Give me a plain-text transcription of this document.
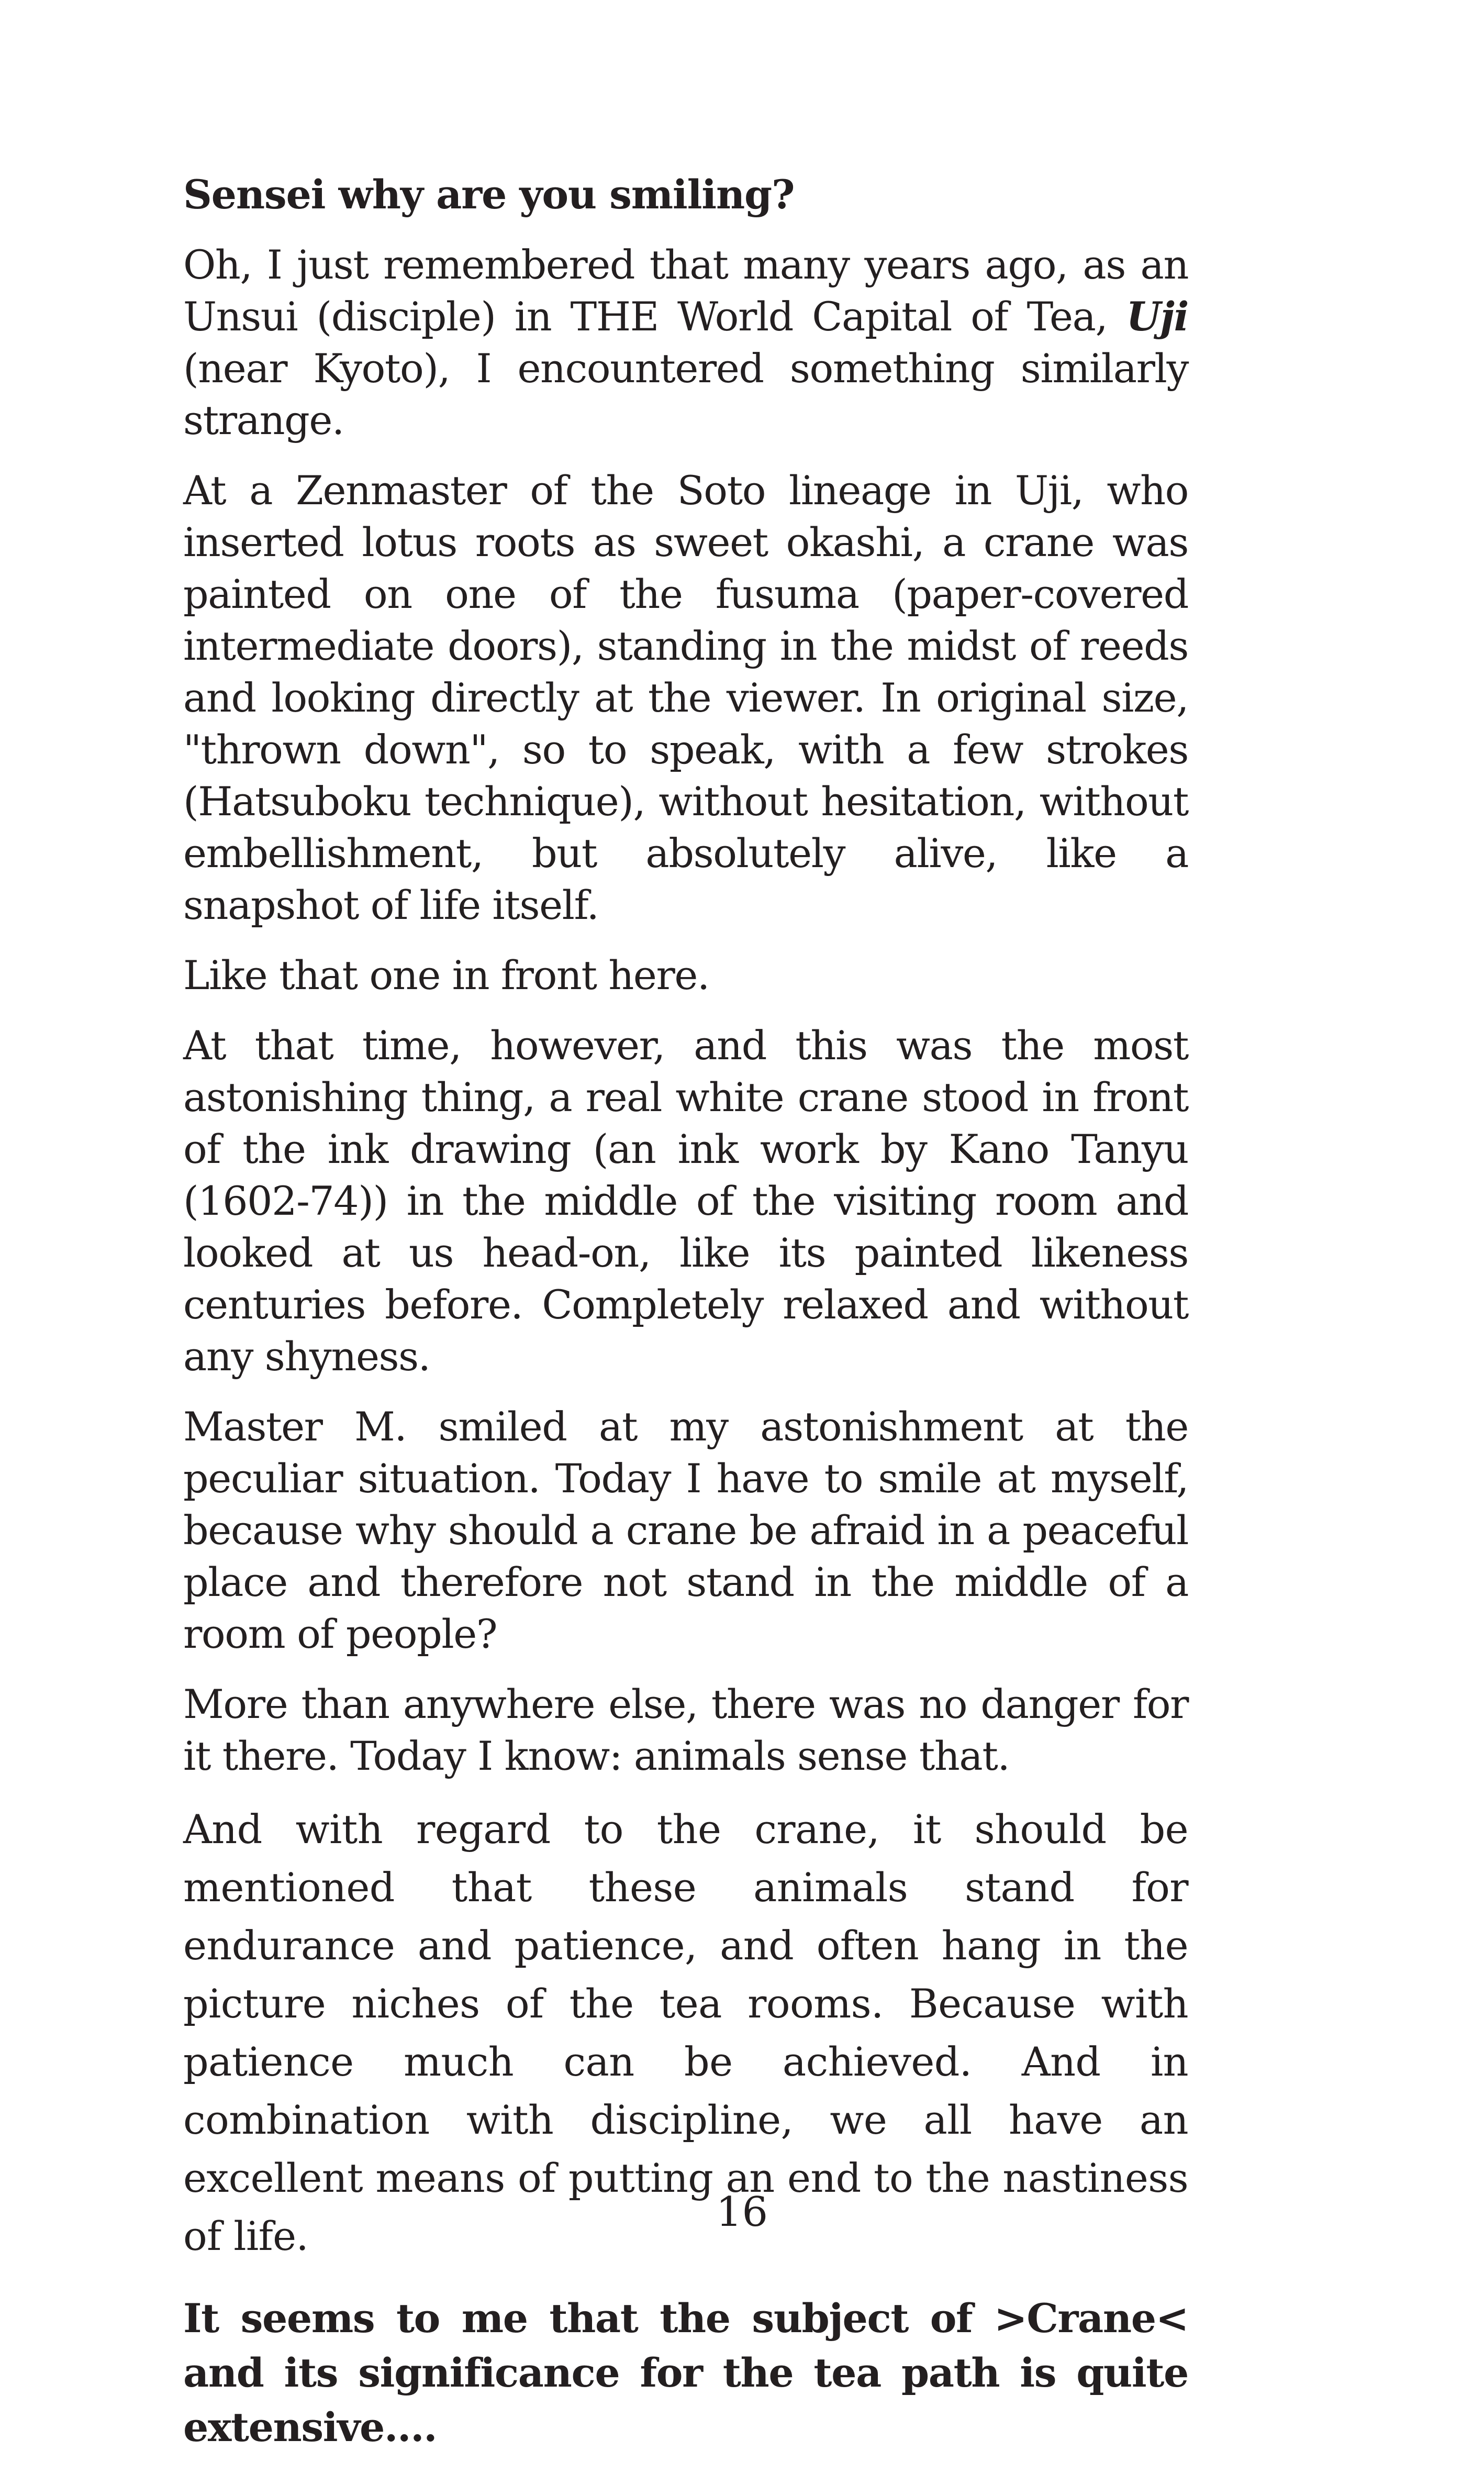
Sensei why are you smiling?

Oh, I just remembered that many years ago, as an Unsui (disciple) in THE World Capital of Tea, Uji (near Kyoto), I encountered something similarly strange.

At a Zenmaster of the Soto lineage in Uji, who inserted lotus roots as sweet okashi, a crane was painted on one of the fusuma (paper-covered intermediate doors), standing in the midst of reeds and looking directly at the viewer. In original size, "thrown down", so to speak, with a few strokes (Hatsuboku technique), without hesitation, without embellishment, but absolutely alive, like a snapshot of life itself.

Like that one in front here.

At that time, however, and this was the most astonishing thing, a real white crane stood in front of the ink drawing (an ink work by Kano Tanyu (1602-74)) in the middle of the visiting room and looked at us head-on, like its painted likeness centuries before. Completely relaxed and without any shyness.

Master M. smiled at my astonishment at the peculiar situation. Today I have to smile at myself, because why should a crane be afraid in a peaceful place and therefore not stand in the middle of a room of people?

More than anywhere else, there was no danger for it there. Today I know: animals sense that.

And with regard to the crane, it should be mentioned that these animals stand for endurance and patience, and often hang in the picture niches of the tea rooms. Because with patience much can be achieved. And in combination with discipline, we all have an excellent means of putting an end to the nastiness of life.

It seems to me that the subject of >Crane< and its significance for the tea path is quite extensive....

16
